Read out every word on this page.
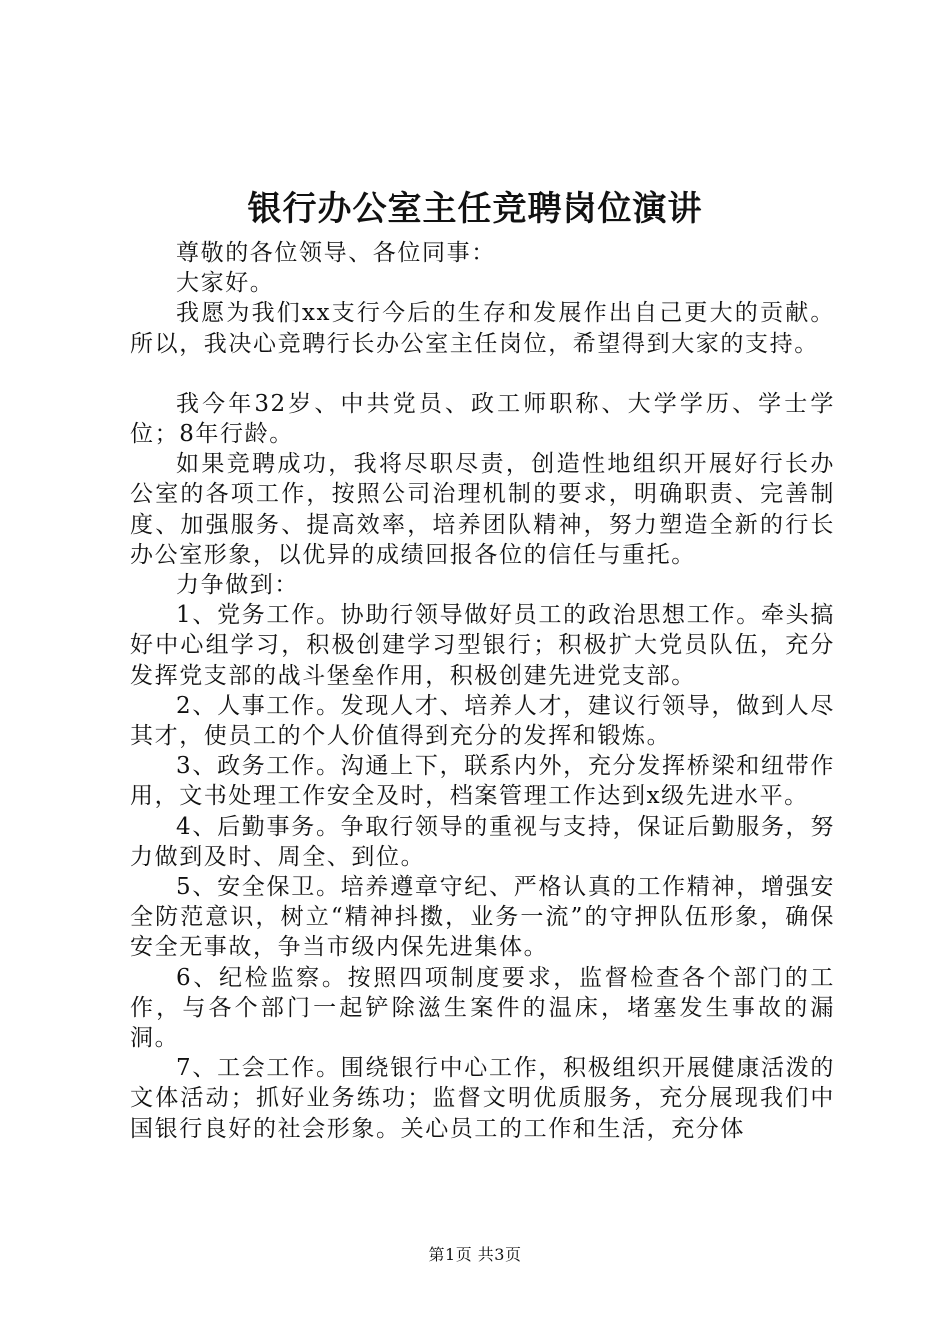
银行办公室主任竞聘岗位演讲

尊敬的各位领导、各位同事：

大家好。

我愿为我们xx支行今后的生存和发展作出自己更大的贡献。所以，我决心竞聘行长办公室主任岗位，希望得到大家的支持。

我今年32岁、中共党员、政工师职称、大学学历、学士学位；8年行龄。

如果竞聘成功，我将尽职尽责，创造性地组织开展好行长办公室的各项工作，按照公司治理机制的要求，明确职责、完善制度、加强服务、提高效率，培养团队精神，努力塑造全新的行长办公室形象，以优异的成绩回报各位的信任与重托。

力争做到：

1、党务工作。协助行领导做好员工的政治思想工作。牵头搞好中心组学习，积极创建学习型银行；积极扩大党员队伍，充分发挥党支部的战斗堡垒作用，积极创建先进党支部。

2、人事工作。发现人才、培养人才，建议行领导，做到人尽其才，使员工的个人价值得到充分的发挥和锻炼。

3、政务工作。沟通上下，联系内外，充分发挥桥梁和纽带作用，文书处理工作安全及时，档案管理工作达到x级先进水平。

4、后勤事务。争取行领导的重视与支持，保证后勤服务，努力做到及时、周全、到位。

5、安全保卫。培养遵章守纪、严格认真的工作精神，增强安全防范意识，树立“精神抖擞，业务一流”的守押队伍形象，确保安全无事故，争当市级内保先进集体。

6、纪检监察。按照四项制度要求，监督检查各个部门的工作，与各个部门一起铲除滋生案件的温床，堵塞发生事故的漏洞。

7、工会工作。围绕银行中心工作，积极组织开展健康活泼的文体活动；抓好业务练功；监督文明优质服务，充分展现我们中国银行良好的社会形象。关心员工的工作和生活，充分体

第1页 共3页
